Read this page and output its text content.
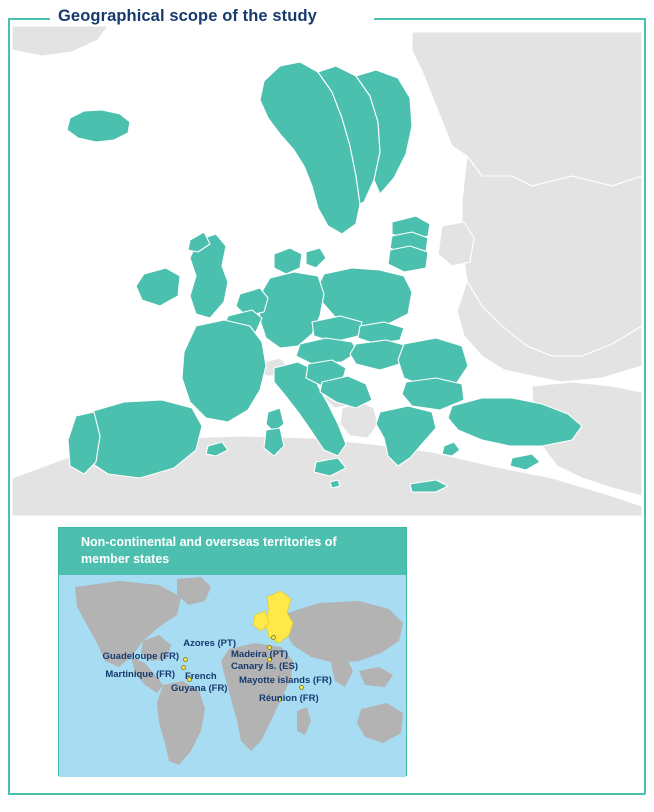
Geographical scope of the study
Non-continental and overseas territories of
member states
Azores (PT)
Madeira (PT)
Guadeloupe (FR)
Canary Is. (ES)
Martinique (FR) French
Guyana (FR)
Mayotte islands (FR)
Réunion (FR)
